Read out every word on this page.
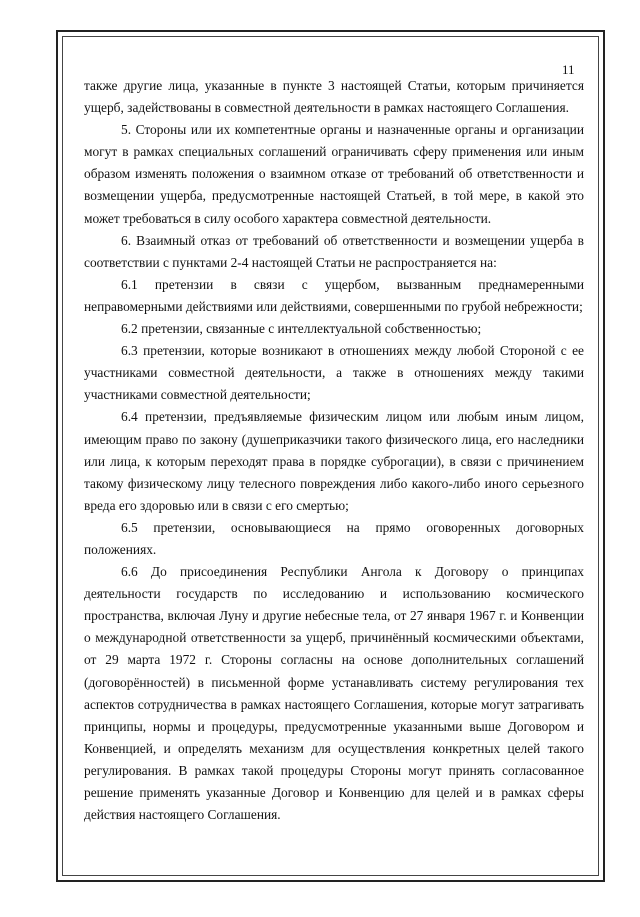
11

также другие лица, указанные в пункте 3 настоящей Статьи, которым причиняется ущерб, задействованы в совместной деятельности в рамках настоящего Соглашения.

5. Стороны или их компетентные органы и назначенные органы и организации могут в рамках специальных соглашений ограничивать сферу применения или иным образом изменять положения о взаимном отказе от требований об ответственности и возмещении ущерба, предусмотренные настоящей Статьей, в той мере, в какой это может требоваться в силу особого характера совместной деятельности.

6. Взаимный отказ от требований об ответственности и возмещении ущерба в соответствии с пунктами 2-4 настоящей Статьи не распространяется на:

6.1 претензии в связи с ущербом, вызванным преднамеренными неправомерными действиями или действиями, совершенными по грубой небрежности;

6.2 претензии, связанные с интеллектуальной собственностью;

6.3 претензии, которые возникают в отношениях между любой Стороной с ее участниками совместной деятельности, а также в отношениях между такими участниками совместной деятельности;

6.4 претензии, предъявляемые физическим лицом или любым иным лицом, имеющим право по закону (душеприказчики такого физического лица, его наследники или лица, к которым переходят права в порядке суброгации), в связи с причинением такому физическому лицу телесного повреждения либо какого-либо иного серьезного вреда его здоровью или в связи с его смертью;

6.5 претензии, основывающиеся на прямо оговоренных договорных положениях.

6.6 До присоединения Республики Ангола к Договору о принципах деятельности государств по исследованию и использованию космического пространства, включая Луну и другие небесные тела, от 27 января 1967 г. и Конвенции о международной ответственности за ущерб, причинённый космическими объектами, от 29 марта 1972 г. Стороны согласны на основе дополнительных соглашений (договорённостей) в письменной форме устанавливать систему регулирования тех аспектов сотрудничества в рамках настоящего Соглашения, которые могут затрагивать принципы, нормы и процедуры, предусмотренные указанными выше Договором и Конвенцией, и определять механизм для осуществления конкретных целей такого регулирования. В рамках такой процедуры Стороны могут принять согласованное решение применять указанные Договор и Конвенцию для целей и в рамках сферы действия настоящего Соглашения.
